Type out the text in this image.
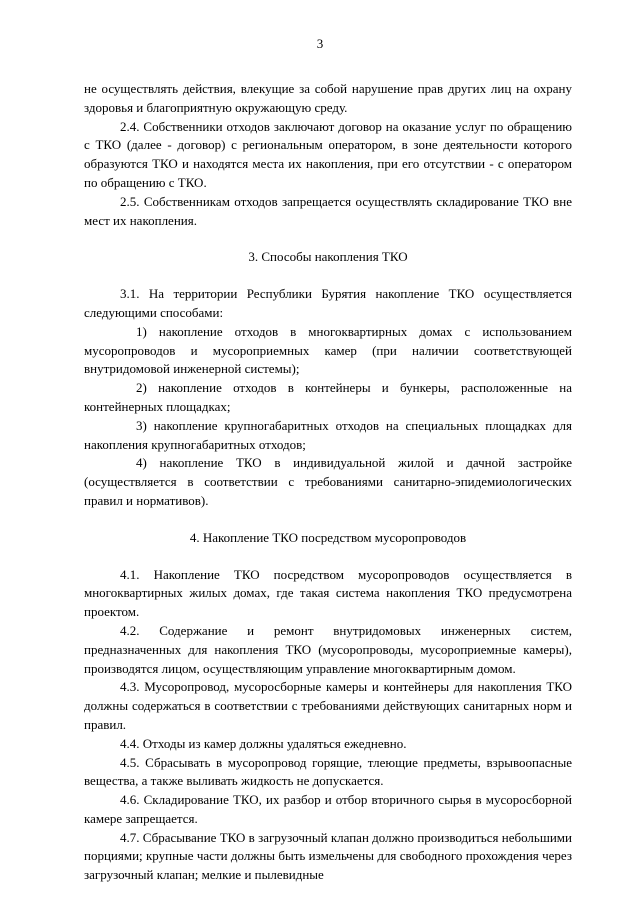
3

не осуществлять действия, влекущие за собой нарушение прав других лиц на охрану здоровья и благоприятную окружающую среду.

2.4. Собственники отходов заключают договор на оказание услуг по обращению с ТКО (далее - договор) с региональным оператором, в зоне деятельности которого образуются ТКО и находятся места их накопления, при его отсутствии - с оператором по обращению с ТКО.

2.5. Собственникам отходов запрещается осуществлять складирование ТКО вне мест их накопления.

3. Способы накопления ТКО

3.1. На территории Республики Бурятия накопление ТКО осуществляется следующими способами:

1) накопление отходов в многоквартирных домах с использованием мусоропроводов и мусороприемных камер (при наличии соответствующей внутридомовой инженерной системы);

2) накопление отходов в контейнеры и бункеры, расположенные на контейнерных площадках;

3) накопление крупногабаритных отходов на специальных площадках для накопления крупногабаритных отходов;

4) накопление ТКО в индивидуальной жилой и дачной застройке (осуществляется в соответствии с требованиями санитарно-эпидемиологических правил и нормативов).

4. Накопление ТКО посредством мусоропроводов

4.1. Накопление ТКО посредством мусоропроводов осуществляется в многоквартирных жилых домах, где такая система накопления ТКО предусмотрена проектом.

4.2. Содержание и ремонт внутридомовых инженерных систем, предназначенных для накопления ТКО (мусоропроводы, мусороприемные камеры), производятся лицом, осуществляющим управление многоквартирным домом.

4.3. Мусоропровод, мусоросборные камеры и контейнеры для накопления ТКО должны содержаться в соответствии с требованиями действующих санитарных норм и правил.

4.4. Отходы из камер должны удаляться ежедневно.

4.5. Сбрасывать в мусоропровод горящие, тлеющие предметы, взрывоопасные вещества, а также выливать жидкость не допускается.

4.6. Складирование ТКО, их разбор и отбор вторичного сырья в мусоросборной камере запрещается.

4.7. Сбрасывание ТКО в загрузочный клапан должно производиться небольшими порциями; крупные части должны быть измельчены для свободного прохождения через загрузочный клапан; мелкие и пылевидные
